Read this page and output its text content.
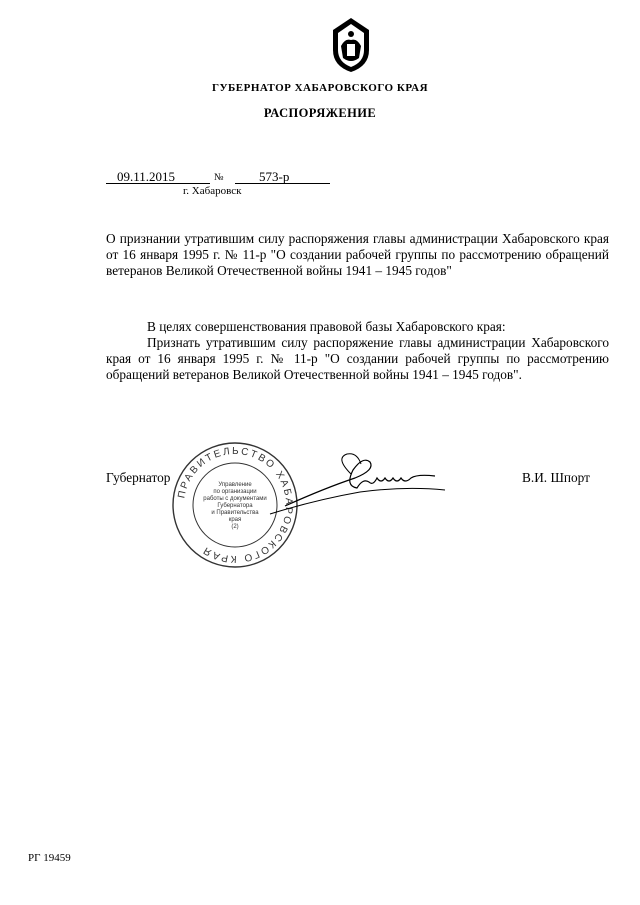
ГУБЕРНАТОР ХАБАРОВСКОГО КРАЯ
РАСПОРЯЖЕНИЕ
09.11.2015	№	573-р
г. Хабаровск
О признании утратившим силу распоряжения главы администрации Хабаровского края от 16 января 1995 г. № 11-р "О создании рабочей группы по рассмотрению обращений ветеранов Великой Отечественной войны 1941 – 1945 годов"
В целях совершенствования правовой базы Хабаровского края:
Признать утратившим силу распоряжение главы администрации Хабаровского края от 16 января 1995 г. № 11-р "О создании рабочей группы по рассмотрению обращений ветеранов Великой Отечественной войны 1941 – 1945 годов".
Губернатор	В.И. Шпорт
ПРАВИТЕЛЬСТВО ХАБАРОВСКОГО КРАЯ
Управление
по организации
работы с документами
Губернатора
и Правительства
края
(2)
РГ 19459
